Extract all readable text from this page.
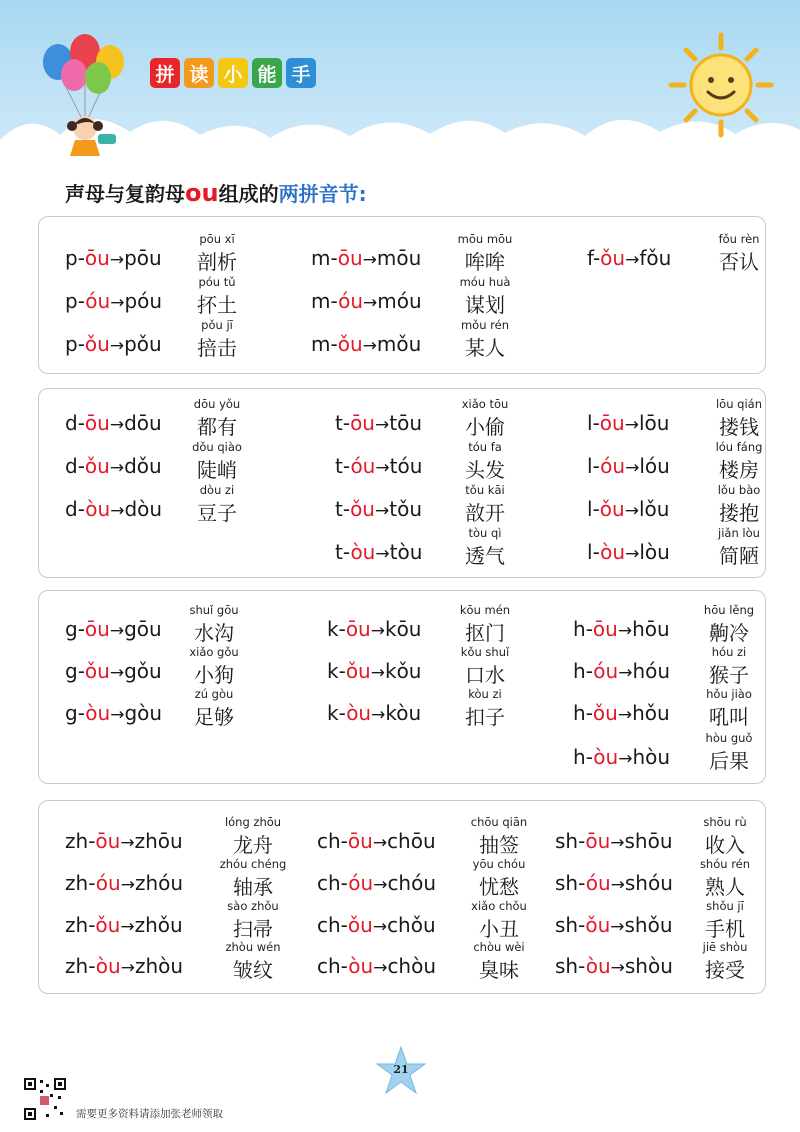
拼 读 小 能 手
声母与复韵母ou组成的两拼音节:
p-ōu→pōu
pōu xī
剖析
p-óu→póu
póu tǔ
抔土
p-ǒu→pǒu
pǒu jī
掊击
m-ōu→mōu
mōu mōu
哞哞
m-óu→móu
móu huà
谋划
m-ǒu→mǒu
mǒu rén
某人
f-ǒu→fǒu
fǒu rèn
否认
d-ōu→dōu
dōu yǒu
都有
d-ǒu→dǒu
dǒu qiào
陡峭
d-òu→dòu
dòu zi
豆子
t-ōu→tōu
xiǎo tōu
小偷
t-óu→tóu
tóu fa
头发
t-ǒu→tǒu
tǒu kāi
敨开
t-òu→tòu
tòu qì
透气
l-ōu→lōu
lōu qián
搂钱
l-óu→lóu
lóu fáng
楼房
l-ǒu→lǒu
lǒu bào
搂抱
l-òu→lòu
jiǎn lòu
简陋
g-ōu→gōu
shuǐ gōu
水沟
g-ǒu→gǒu
xiǎo gǒu
小狗
g-òu→gòu
zú gòu
足够
k-ōu→kōu
kōu mén
抠门
k-ǒu→kǒu
kǒu shuǐ
口水
k-òu→kòu
kòu zi
扣子
h-ōu→hōu
hōu lěng
齁冷
h-óu→hóu
hóu zi
猴子
h-ǒu→hǒu
hǒu jiào
吼叫
h-òu→hòu
hòu guǒ
后果
zh-ōu→zhōu
lóng zhōu
龙舟
zh-óu→zhóu
zhóu chéng
轴承
zh-ǒu→zhǒu
sào zhǒu
扫帚
zh-òu→zhòu
zhòu wén
皱纹
ch-ōu→chōu
chōu qiān
抽签
ch-óu→chóu
yōu chóu
忧愁
ch-ǒu→chǒu
xiǎo chǒu
小丑
ch-òu→chòu
chòu wèi
臭味
sh-ōu→shōu
shōu rù
收入
sh-óu→shóu
shóu rén
熟人
sh-ǒu→shǒu
shǒu jī
手机
sh-òu→shòu
jiē shòu
接受
21
需要更多资料请添加张老师领取
